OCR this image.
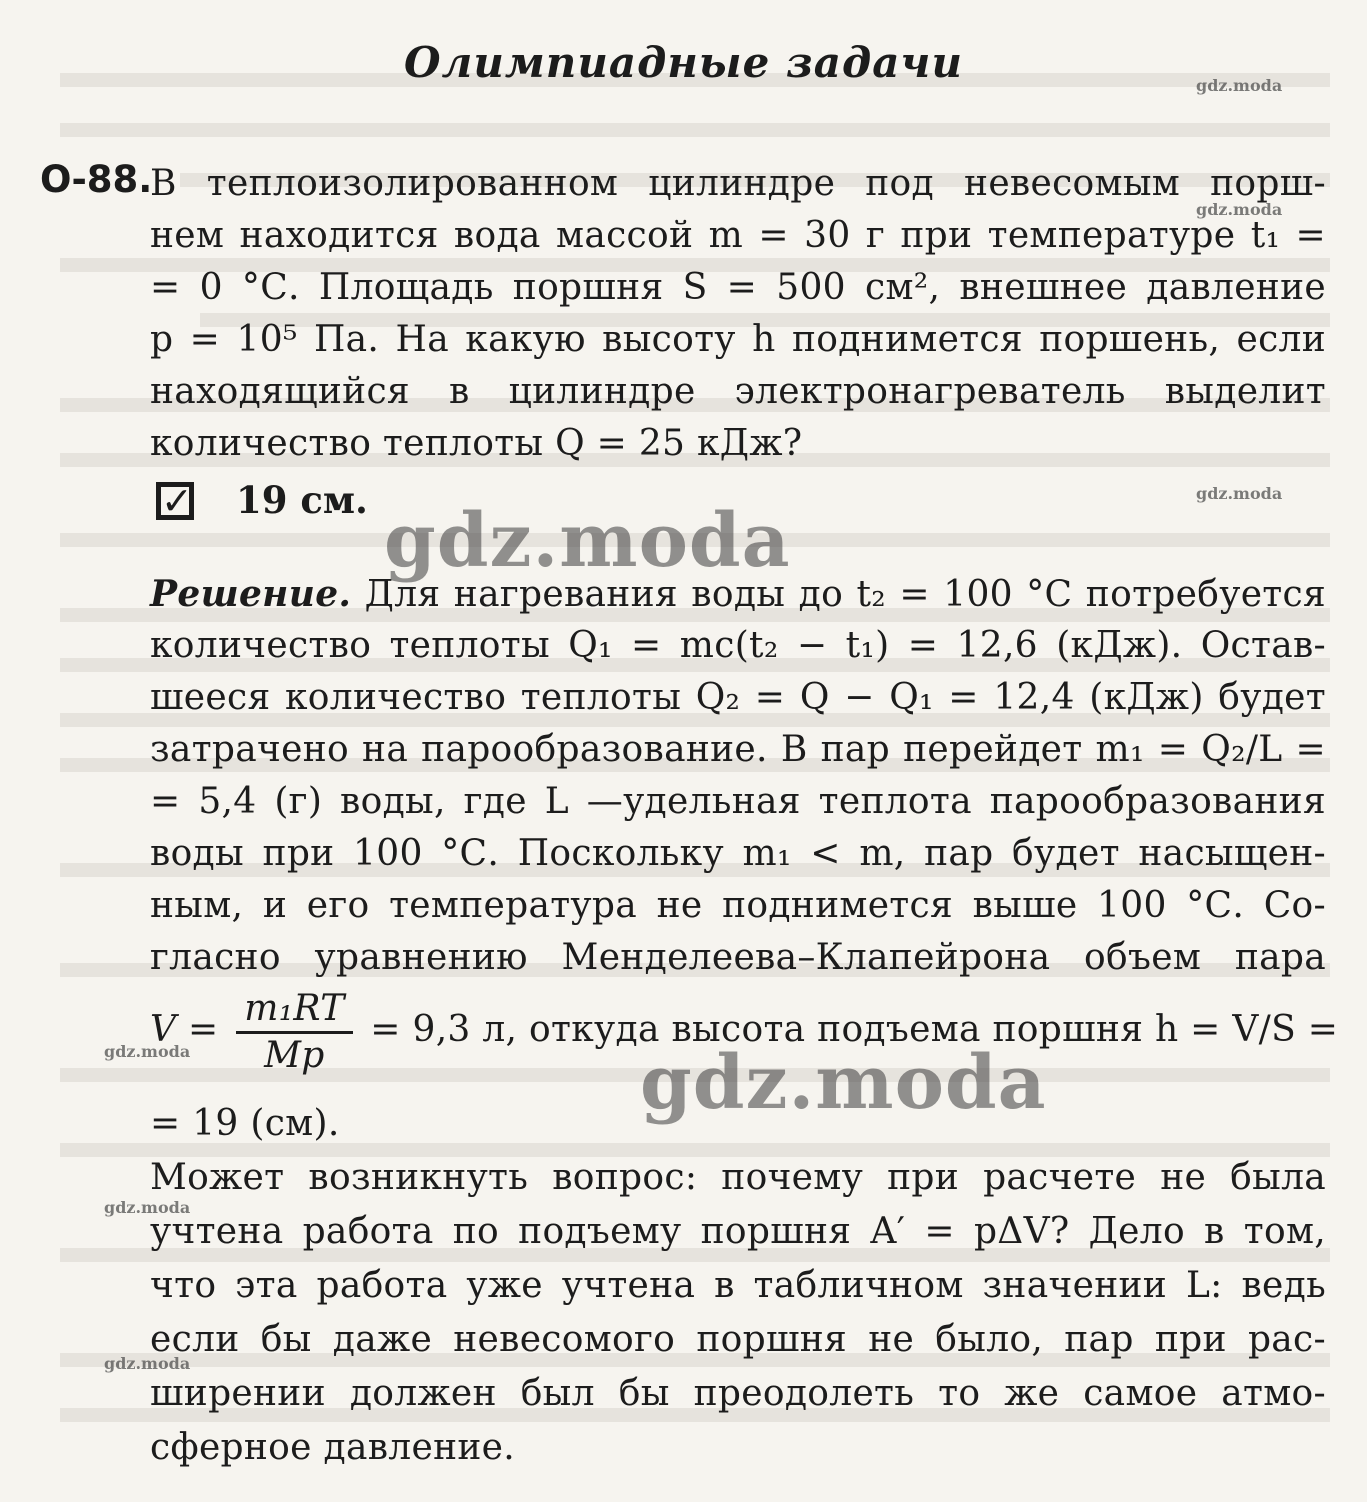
Олимпиадные задачи
О-88.
В теплоизолированном цилиндре под невесомым порш-
нем находится вода массой m = 30 г при температуре t₁ =
= 0 °С. Площадь поршня S = 500 см², внешнее давление
p = 10⁵ Па. На какую высоту h поднимется поршень, если
находящийся в цилиндре электронагреватель выделит
количество теплоты Q = 25 кДж?
✓ 19 см.
Решение. Для нагревания воды до t₂ = 100 °С потребуется
количество теплоты Q₁ = mc(t₂ − t₁) = 12,6 (кДж). Остав-
шееся количество теплоты Q₂ = Q − Q₁ = 12,4 (кДж) будет
затрачено на парообразование. В пар перейдет m₁ = Q₂/L =
= 5,4 (г) воды, где L —удельная теплота парообразования
воды при 100 °С. Поскольку m₁ < m, пар будет насыщен-
ным, и его температура не поднимется выше 100 °С. Со-
гласно уравнению Менделеева–Клапейрона объем пара
$V = \frac{\text{m₁RT}}{Mp} = 9,3$ л, откуда высота подъема поршня h = V/S =
= 19 (см).
Может возникнуть вопрос: почему при расчете не была
учтена работа по подъему поршня A′ = pΔV? Дело в том,
что эта работа уже учтена в табличном значении L: ведь
если бы даже невесомого поршня не было, пар при рас-
ширении должен был бы преодолеть то же самое атмо-
сферное давление.
gdz.moda
gdz.moda
gdz.moda
gdz.moda
gdz.moda
gdz.moda
gdz.moda
gdz.moda
